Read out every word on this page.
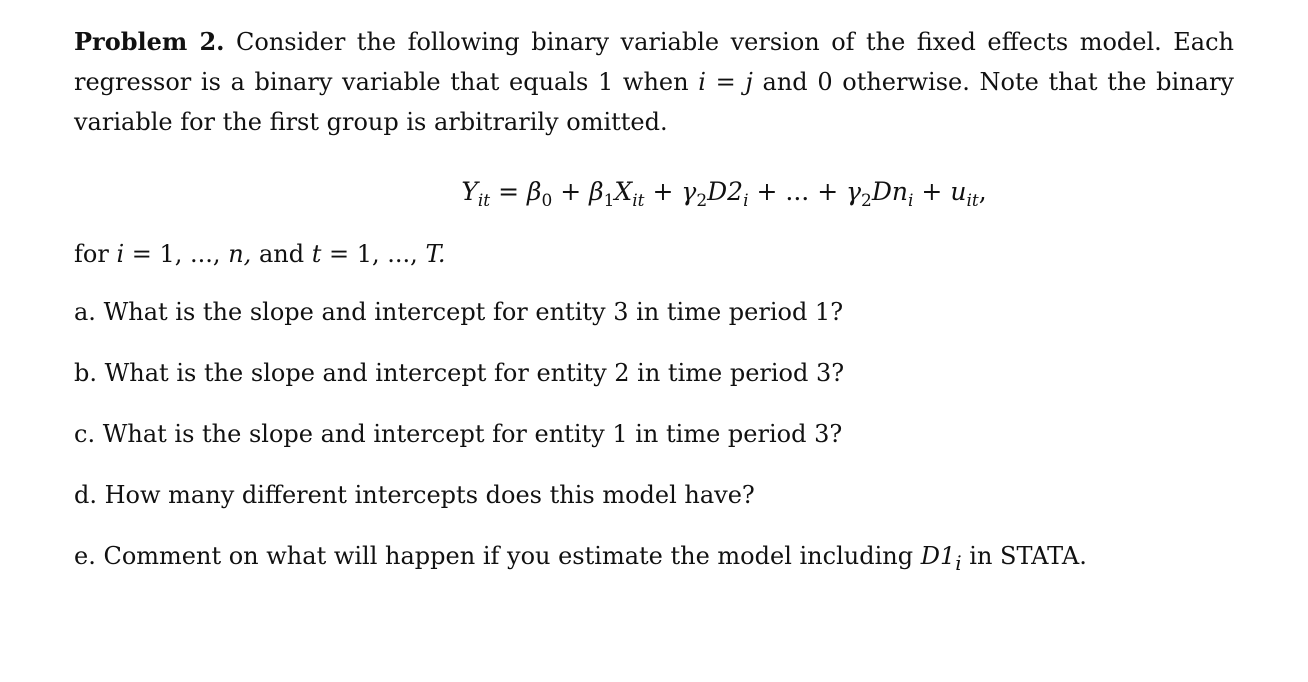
Problem 2. Consider the following binary variable version of the fixed effects model. Each regressor is a binary variable that equals 1 when i = j and 0 otherwise. Note that the binary variable for the first group is arbitrarily omitted.

$Y_{it} = \beta_0 + \beta_1X_{it} + \gamma_2D2_i$ + ... + $\gamma_2Dn_i + u_{it}$,
for i = 1, ..., n, and t = 1, ..., T.
a. What is the slope and intercept for entity 3 in time period 1?
b. What is the slope and intercept for entity 2 in time period 3?
c. What is the slope and intercept for entity 1 in time period 3?
d. How many different intercepts does this model have?
e. Comment on what will happen if you estimate the model including $D1_i$ in STATA.
